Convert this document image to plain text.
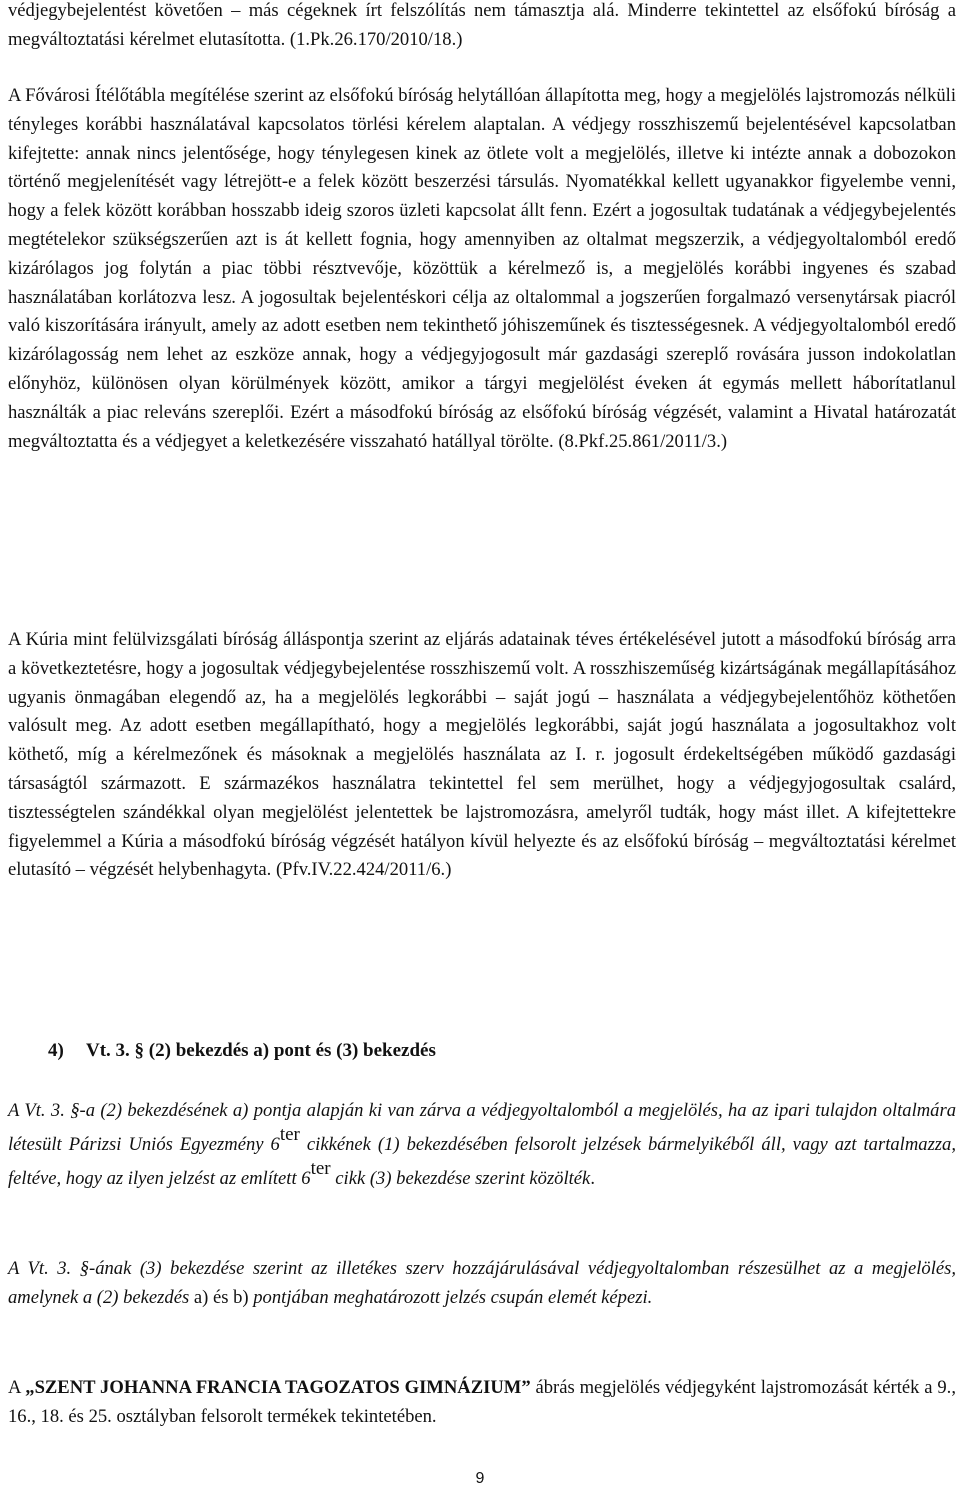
védjegybejelentést követően – más cégeknek írt felszólítás nem támasztja alá. Minderre tekintettel az elsőfokú bíróság a megváltoztatási kérelmet elutasította. (1.Pk.26.170/2010/18.)

A Fővárosi Ítélőtábla megítélése szerint az elsőfokú bíróság helytállóan állapította meg, hogy a megjelölés lajstromozás nélküli tényleges korábbi használatával kapcsolatos törlési kérelem alaptalan. A védjegy rosszhiszemű bejelentésével kapcsolatban kifejtette: annak nincs jelentősége, hogy ténylegesen kinek az ötlete volt a megjelölés, illetve ki intézte annak a dobozokon történő megjelenítését vagy létrejött-e a felek között beszerzési társulás. Nyomatékkal kellett ugyanakkor figyelembe venni, hogy a felek között korábban hosszabb ideig szoros üzleti kapcsolat állt fenn. Ezért a jogosultak tudatának a védjegybejelentés megtételekor szükségszerűen azt is át kellett fognia, hogy amennyiben az oltalmat megszerzik, a védjegyoltalomból eredő kizárólagos jog folytán a piac többi résztvevője, közöttük a kérelmező is, a megjelölés korábbi ingyenes és szabad használatában korlátozva lesz. A jogosultak bejelentéskori célja az oltalommal a jogszerűen forgalmazó versenytársak piacról való kiszorítására irányult, amely az adott esetben nem tekinthető jóhiszeműnek és tisztességesnek. A védjegyoltalomból eredő kizárólagosság nem lehet az eszköze annak, hogy a védjegyjogosult már gazdasági szereplő rovására jusson indokolatlan előnyhöz, különösen olyan körülmények között, amikor a tárgyi megjelölést éveken át egymás mellett háborítatlanul használták a piac releváns szereplői. Ezért a másodfokú bíróság az elsőfokú bíróság végzését, valamint a Hivatal határozatát megváltoztatta és a védjegyet a keletkezésére visszaható hatállyal törölte. (8.Pkf.25.861/2011/3.)

A Kúria mint felülvizsgálati bíróság álláspontja szerint az eljárás adatainak téves értékelésével jutott a másodfokú bíróság arra a következtetésre, hogy a jogosultak védjegybejelentése rosszhiszemű volt. A rosszhiszeműség kizártságának megállapításához ugyanis önmagában elegendő az, ha a megjelölés legkorábbi – saját jogú – használata a védjegybejelentőhöz köthetően valósult meg. Az adott esetben megállapítható, hogy a megjelölés legkorábbi, saját jogú használata a jogosultakhoz volt köthető, míg a kérelmezőnek és másoknak a megjelölés használata az I. r. jogosult érdekeltségében működő gazdasági társaságtól származott. E származékos használatra tekintettel fel sem merülhet, hogy a védjegyjogosultak csalárd, tisztességtelen szándékkal olyan megjelölést jelentettek be lajstromozásra, amelyről tudták, hogy mást illet. A kifejtettekre figyelemmel a Kúria a másodfokú bíróság végzését hatályon kívül helyezte és az elsőfokú bíróság – megváltoztatási kérelmet elutasító – végzését helybenhagyta. (Pfv.IV.22.424/2011/6.)

4) Vt. 3. § (2) bekezdés a) pont és (3) bekezdés

A Vt. 3. §-a (2) bekezdésének a) pontja alapján ki van zárva a védjegyoltalomból a megjelölés, ha az ipari tulajdon oltalmára létesült Párizsi Uniós Egyezmény $6^{ter}$ cikkének (1) bekezdésében felsorolt jelzések bármelyikéből áll, vagy azt tartalmazza, feltéve, hogy az ilyen jelzést az említett $6^{ter}$ cikk (3) bekezdése szerint közölték.

A Vt. 3. §-ának (3) bekezdése szerint az illetékes szerv hozzájárulásával védjegyoltalomban részesülhet az a megjelölés, amelynek a (2) bekezdés a) és b) pontjában meghatározott jelzés csupán elemét képezi.

A „SZENT JOHANNA FRANCIA TAGOZATOS GIMNÁZIUM” ábrás megjelölés védjegyként lajstromozását kérték a 9., 16., 18. és 25. osztályban felsorolt termékek tekintetében.

9
